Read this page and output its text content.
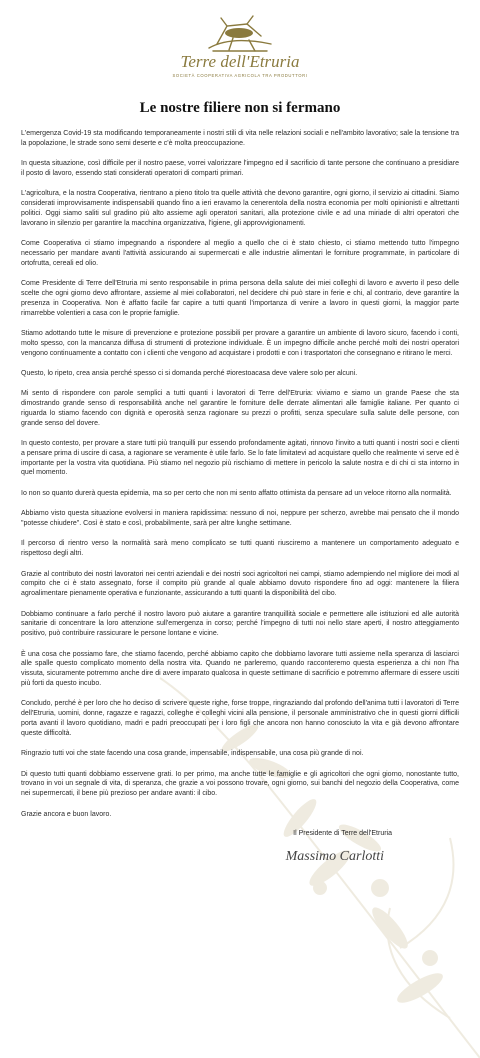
Terre dell'Etruria
SOCIETÀ COOPERATIVA AGRICOLA TRA PRODUTTORI
Le nostre filiere non si fermano

L'emergenza Covid-19 sta modificando temporaneamente i nostri stili di vita nelle relazioni sociali e nell'ambito lavorativo; sale la tensione tra la popolazione, le strade sono semi deserte e c'è molta preoccupazione.

In questa situazione, così difficile per il nostro paese, vorrei valorizzare l'impegno ed il sacrificio di tante persone che continuano a presidiare il posto di lavoro, essendo stati considerati operatori di comparti primari.

L'agricoltura, e la nostra Cooperativa, rientrano a pieno titolo tra quelle attività che devono garantire, ogni giorno, il servizio ai cittadini. Siamo considerati improvvisamente indispensabili quando fino a ieri eravamo la cenerentola della nostra economia per molti opinionisti e altrettanti politici. Oggi siamo saliti sul gradino più alto assieme agli operatori sanitari, alla protezione civile e ad una miriade di altri operatori che lavorano in silenzio per garantire la macchina organizzativa, l'igiene, gli approvvigionamenti.

Come Cooperativa ci stiamo impegnando a rispondere al meglio a quello che ci è stato chiesto, ci stiamo mettendo tutto l'impegno necessario per mandare avanti l'attività assicurando ai supermercati e alle industrie alimentari le forniture programmate, in particolare di ortofrutta, cereali ed olio.

Come Presidente di Terre dell'Etruria mi sento responsabile in prima persona della salute dei miei colleghi di lavoro e avverto il peso delle scelte che ogni giorno devo affrontare, assieme al miei collaboratori, nel decidere chi può stare in ferie e chi, al contrario, deve garantire la presenza in Cooperativa. Non è affatto facile far capire a tutti quanti l'importanza di venire a lavoro in questi giorni, la maggior parte rimarrebbe volentieri a casa con le proprie famiglie.

Stiamo adottando tutte le misure di prevenzione e protezione possibili per provare a garantire un ambiente di lavoro sicuro, facendo i conti, molto spesso, con la mancanza diffusa di strumenti di protezione individuale. È un impegno difficile anche perché molti dei nostri operatori vengono continuamente a contatto con i clienti che vengono ad acquistare i prodotti e con i trasportatori che consegnano e ritirano le merci.

Questo, lo ripeto, crea ansia perché spesso ci si domanda perché #iorestoacasa deve valere solo per alcuni.

Mi sento di rispondere con parole semplici a tutti quanti i lavoratori di Terre dell'Etruria: viviamo e siamo un grande Paese che sta dimostrando grande senso di responsabilità anche nel garantire le forniture delle derrate alimentari alle famiglie italiane. Per quanto ci riguarda lo stiamo facendo con dignità e operosità senza ragionare su prezzi o profitti, senza speculare sulla salute delle persone, con grande senso del dovere.

In questo contesto, per provare a stare tutti più tranquilli pur essendo profondamente agitati, rinnovo l'invito a tutti quanti i nostri soci e clienti a pensare prima di uscire di casa, a ragionare se veramente è utile farlo. Se lo fate limitatevi ad acquistare quello che realmente vi serve ed è importante per la vostra vita quotidiana. Più stiamo nel negozio più rischiamo di mettere in pericolo la salute nostra e di chi ci sta intorno in quel momento.

Io non so quanto durerà questa epidemia, ma so per certo che non mi sento affatto ottimista da pensare ad un veloce ritorno alla normalità.

Abbiamo visto questa situazione evolversi in maniera rapidissima: nessuno di noi, neppure per scherzo, avrebbe mai pensato che il mondo "potesse chiudere". Così è stato e così, probabilmente, sarà per altre lunghe settimane.

Il percorso di rientro verso la normalità sarà meno complicato se tutti quanti riusciremo a mantenere un comportamento adeguato e rispettoso degli altri.

Grazie al contributo dei nostri lavoratori nei centri aziendali e dei nostri soci agricoltori nei campi, stiamo adempiendo nel migliore dei modi al compito che ci è stato assegnato, forse il compito più grande al quale abbiamo dovuto rispondere fino ad oggi: mantenere la filiera agroalimentare pienamente operativa e funzionante, assicurando a tutti quanti la disponibilità del cibo.

Dobbiamo continuare a farlo perché il nostro lavoro può aiutare a garantire tranquillità sociale e permettere alle istituzioni ed alle autorità sanitarie di concentrare la loro attenzione sull'emergenza in corso; perché l'impegno di tutti noi nello stare aperti, il nostro atteggiamento positivo, può contribuire rassicurare le persone lontane e vicine.

È una cosa che possiamo fare, che stiamo facendo, perché abbiamo capito che dobbiamo lavorare tutti assieme nella speranza di lasciarci alle spalle questo complicato momento della nostra vita. Quando ne parleremo, quando racconteremo questa esperienza a chi non l'ha vissuta, sicuramente potremmo anche dire di avere imparato qualcosa in queste settimane di sacrificio e potremmo affermare di essere usciti più forti da questo incubo.

Concludo, perché è per loro che ho deciso di scrivere queste righe, forse troppe, ringraziando dal profondo dell'anima tutti i lavoratori di Terre dell'Etruria, uomini, donne, ragazze e ragazzi, colleghe e colleghi vicini alla pensione, il personale amministrativo che in questi giorni difficili porta avanti il lavoro quotidiano, madri e padri preoccupati per i loro figli che ancora non hanno conosciuto la vita e già devono affrontare queste difficoltà.

Ringrazio tutti voi che state facendo una cosa grande, impensabile, indispensabile, una cosa più grande di noi.

Di questo tutti quanti dobbiamo esservene grati. Io per primo, ma anche tutte le famiglie e gli agricoltori che ogni giorno, nonostante tutto, trovano in voi un segnale di vita, di speranza, che grazie a voi possono trovare, ogni giorno, sui banchi del negozio della Cooperativa, come nei supermercati, il bene più prezioso per andare avanti: il cibo.

Grazie ancora e buon lavoro.

Il Presidente di Terre dell'Etruria
Massimo Carlotti
